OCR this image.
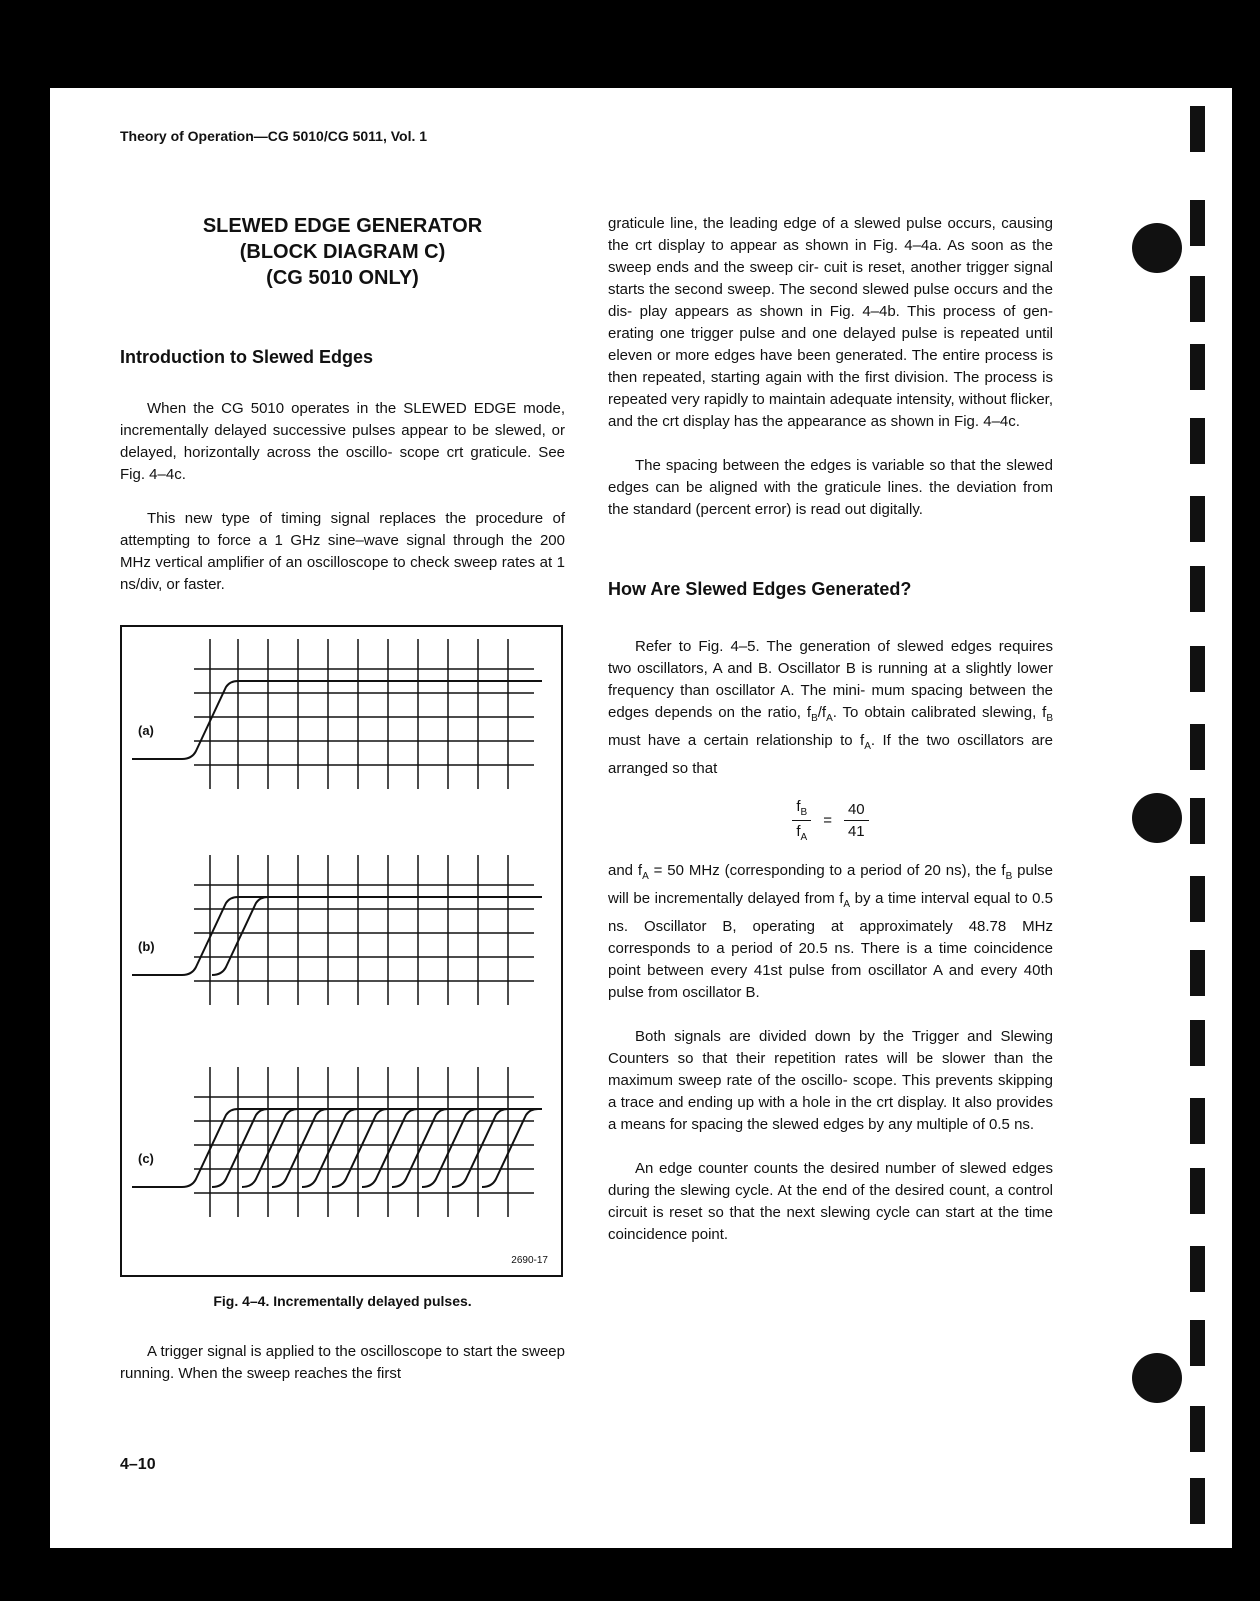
Theory of Operation—CG 5010/CG 5011, Vol. 1

SLEWED EDGE GENERATOR

(BLOCK DIAGRAM C)

(CG 5010 ONLY)

Introduction to Slewed Edges

When the CG 5010 operates in the SLEWED EDGE mode, incrementally delayed successive pulses appear to be slewed, or delayed, horizontally across the oscillo- scope crt graticule. See Fig. 4–4c.

This new type of timing signal replaces the procedure of attempting to force a 1 GHz sine–wave signal through the 200 MHz vertical amplifier of an oscilloscope to check sweep rates at 1 ns/div, or faster.

(a)
(b)
(c)
2690-17
Fig. 4–4. Incrementally delayed pulses.

A trigger signal is applied to the oscilloscope to start the sweep running. When the sweep reaches the first

graticule line, the leading edge of a slewed pulse occurs, causing the crt display to appear as shown in Fig. 4–4a. As soon as the sweep ends and the sweep cir- cuit is reset, another trigger signal starts the second sweep. The second slewed pulse occurs and the dis- play appears as shown in Fig. 4–4b. This process of gen- erating one trigger pulse and one delayed pulse is repeated until eleven or more edges have been generated. The entire process is then repeated, starting again with the first division. The process is repeated very rapidly to maintain adequate intensity, without flicker, and the crt display has the appearance as shown in Fig. 4–4c.

The spacing between the edges is variable so that the slewed edges can be aligned with the graticule lines. the deviation from the standard (percent error) is read out digitally.

How Are Slewed Edges Generated?

Refer to Fig. 4–5. The generation of slewed edges requires two oscillators, A and B. Oscillator B is running at a slightly lower frequency than oscillator A. The mini- mum spacing between the edges depends on the ratio, $f_B/f_A$. To obtain calibrated slewing, $f_B$ must have a certain relationship to $f_A$. If the two oscillators are arranged so that

$\frac{f_B}{f_A} = \frac{40}{41}$

and $f_A = 50$ MHz (corresponding to a period of 20 ns), the $f_B$ pulse will be incrementally delayed from $f_A$ by a time interval equal to 0.5 ns. Oscillator B, operating at approximately 48.78 MHz corresponds to a period of 20.5 ns. There is a time coincidence point between every 41st pulse from oscillator A and every 40th pulse from oscillator B.

Both signals are divided down by the Trigger and Slewing Counters so that their repetition rates will be slower than the maximum sweep rate of the oscillo- scope. This prevents skipping a trace and ending up with a hole in the crt display. It also provides a means for spacing the slewed edges by any multiple of 0.5 ns.

An edge counter counts the desired number of slewed edges during the slewing cycle. At the end of the desired count, a control circuit is reset so that the next slewing cycle can start at the time coincidence point.

4–10
